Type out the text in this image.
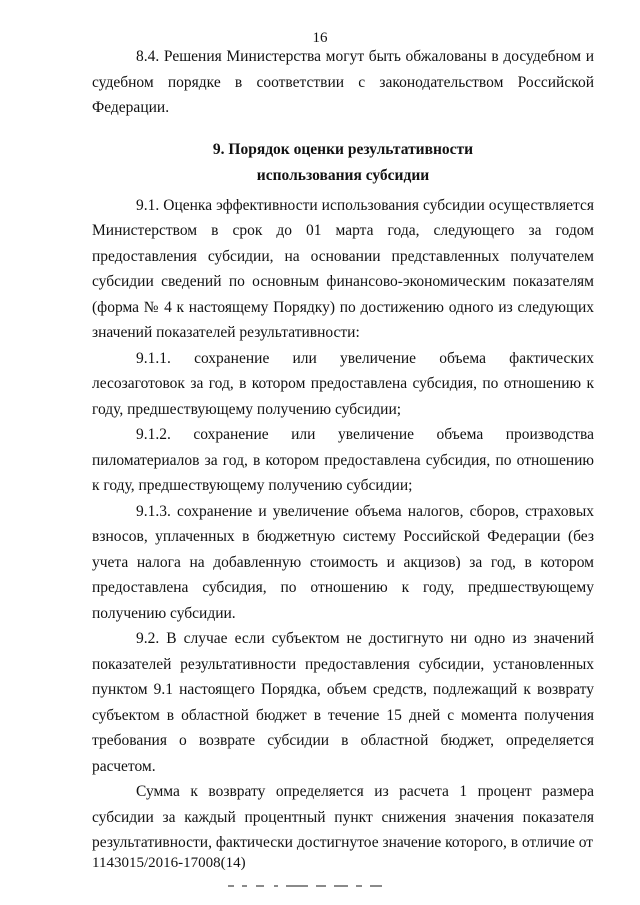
16

8.4. Решения Министерства могут быть обжалованы в досудебном и судебном порядке в соответствии с законодательством Российской Федерации.

9. Порядок оценки результативности
использования субсидии

9.1. Оценка эффективности использования субсидии осуществляется Министерством в срок до 01 марта года, следующего за годом предоставления субсидии, на основании представленных получателем субсидии сведений по основным финансово-экономическим показателям (форма № 4 к настоящему Порядку) по достижению одного из следующих значений показателей результативности:

9.1.1. сохранение или увеличение объема фактических лесозаготовок за год, в котором предоставлена субсидия, по отношению к году, предшествующему получению субсидии;

9.1.2. сохранение или увеличение объема производства пиломатериалов за год, в котором предоставлена субсидия, по отношению к году, предшествующему получению субсидии;

9.1.3. сохранение и увеличение объема налогов, сборов, страховых взносов, уплаченных в бюджетную систему Российской Федерации (без учета налога на добавленную стоимость и акцизов) за год, в котором предоставлена субсидия, по отношению к году, предшествующему получению субсидии.

9.2. В случае если субъектом не достигнуто ни одно из значений показателей результативности предоставления субсидии, установленных пунктом 9.1 настоящего Порядка, объем средств, подлежащий к возврату субъектом в областной бюджет в течение 15 дней с момента получения требования о возврате субсидии в областной бюджет, определяется расчетом.

Сумма к возврату определяется из расчета 1 процент размера субсидии за каждый процентный пункт снижения значения показателя результативности, фактически достигнутое значение которого, в отличие от

1143015/2016-17008(14)
